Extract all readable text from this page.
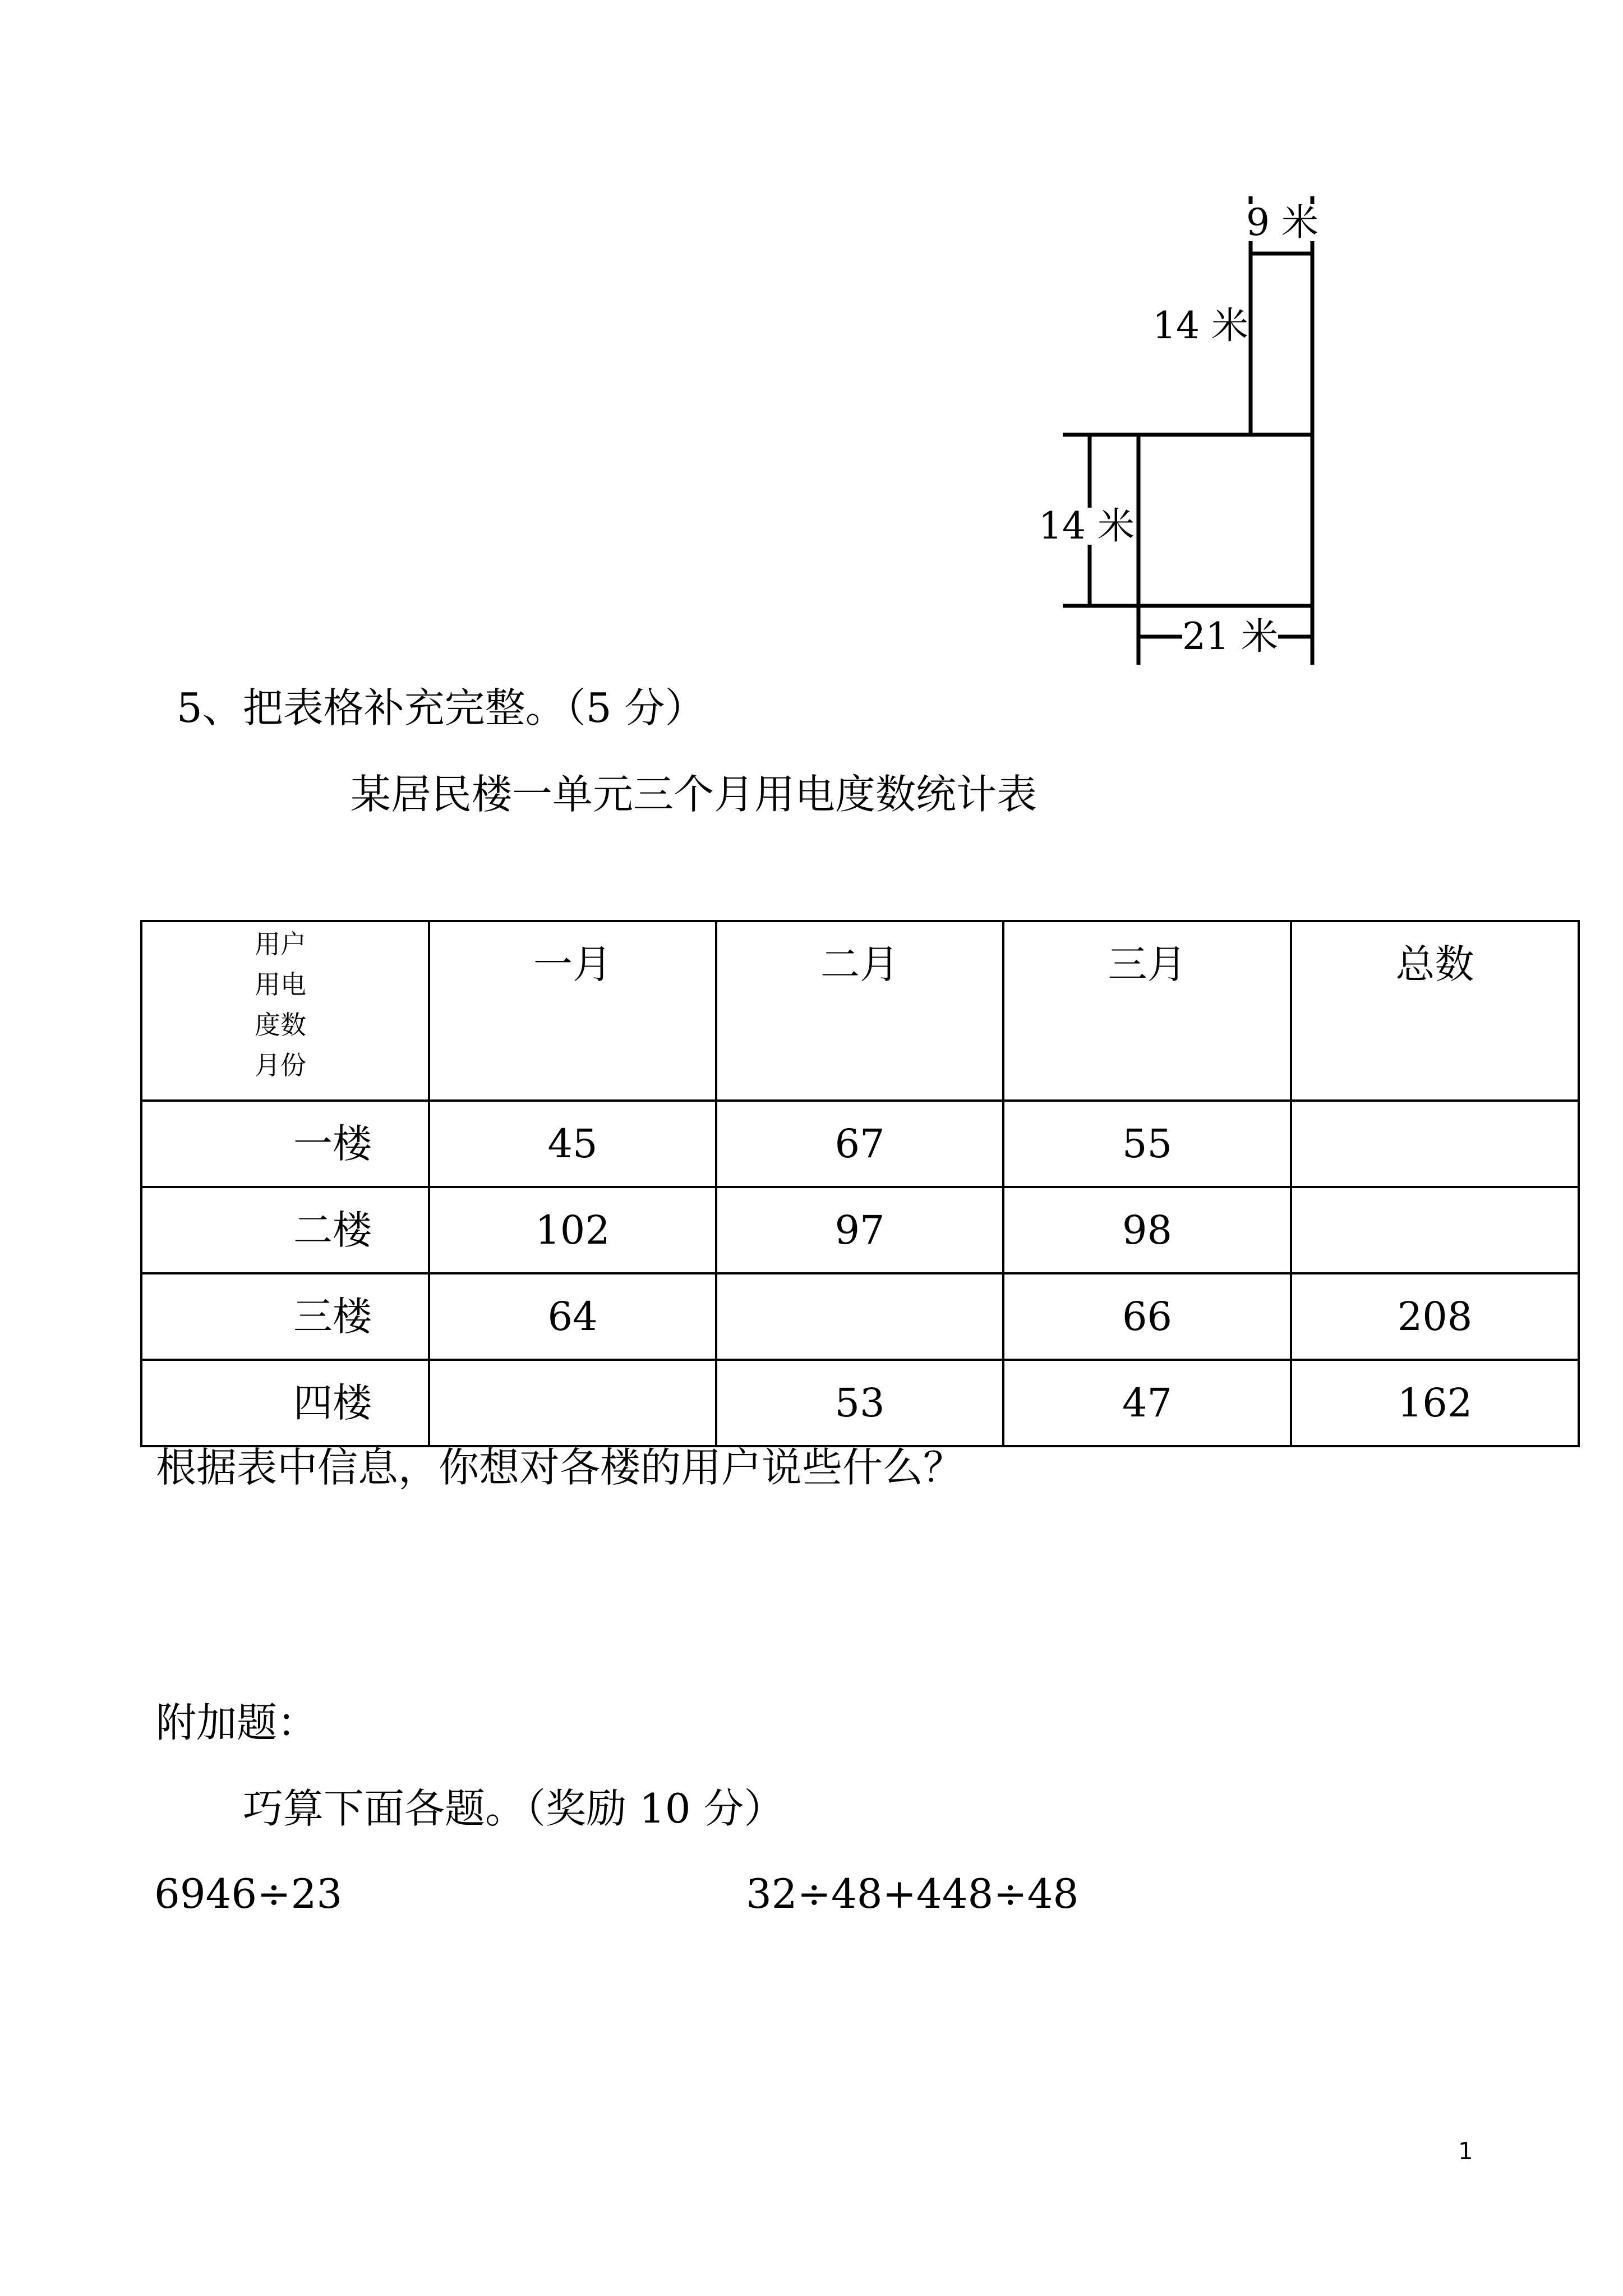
9 米
14 米
14 米
21 米
5、把表格补充完整。（5 分）
某居民楼一单元三个月用电度数统计表
用户
用电
度数
月份	一月	二月	三月	总数
一楼	45	67	55	
二楼	102	97	98	
三楼	64		66	208
四楼		53	47	162
根据表中信息，你想对各楼的用户说些什么？
附加题：
巧算下面各题。（奖励 10 分）
6946÷23	32÷48+448÷48
1
